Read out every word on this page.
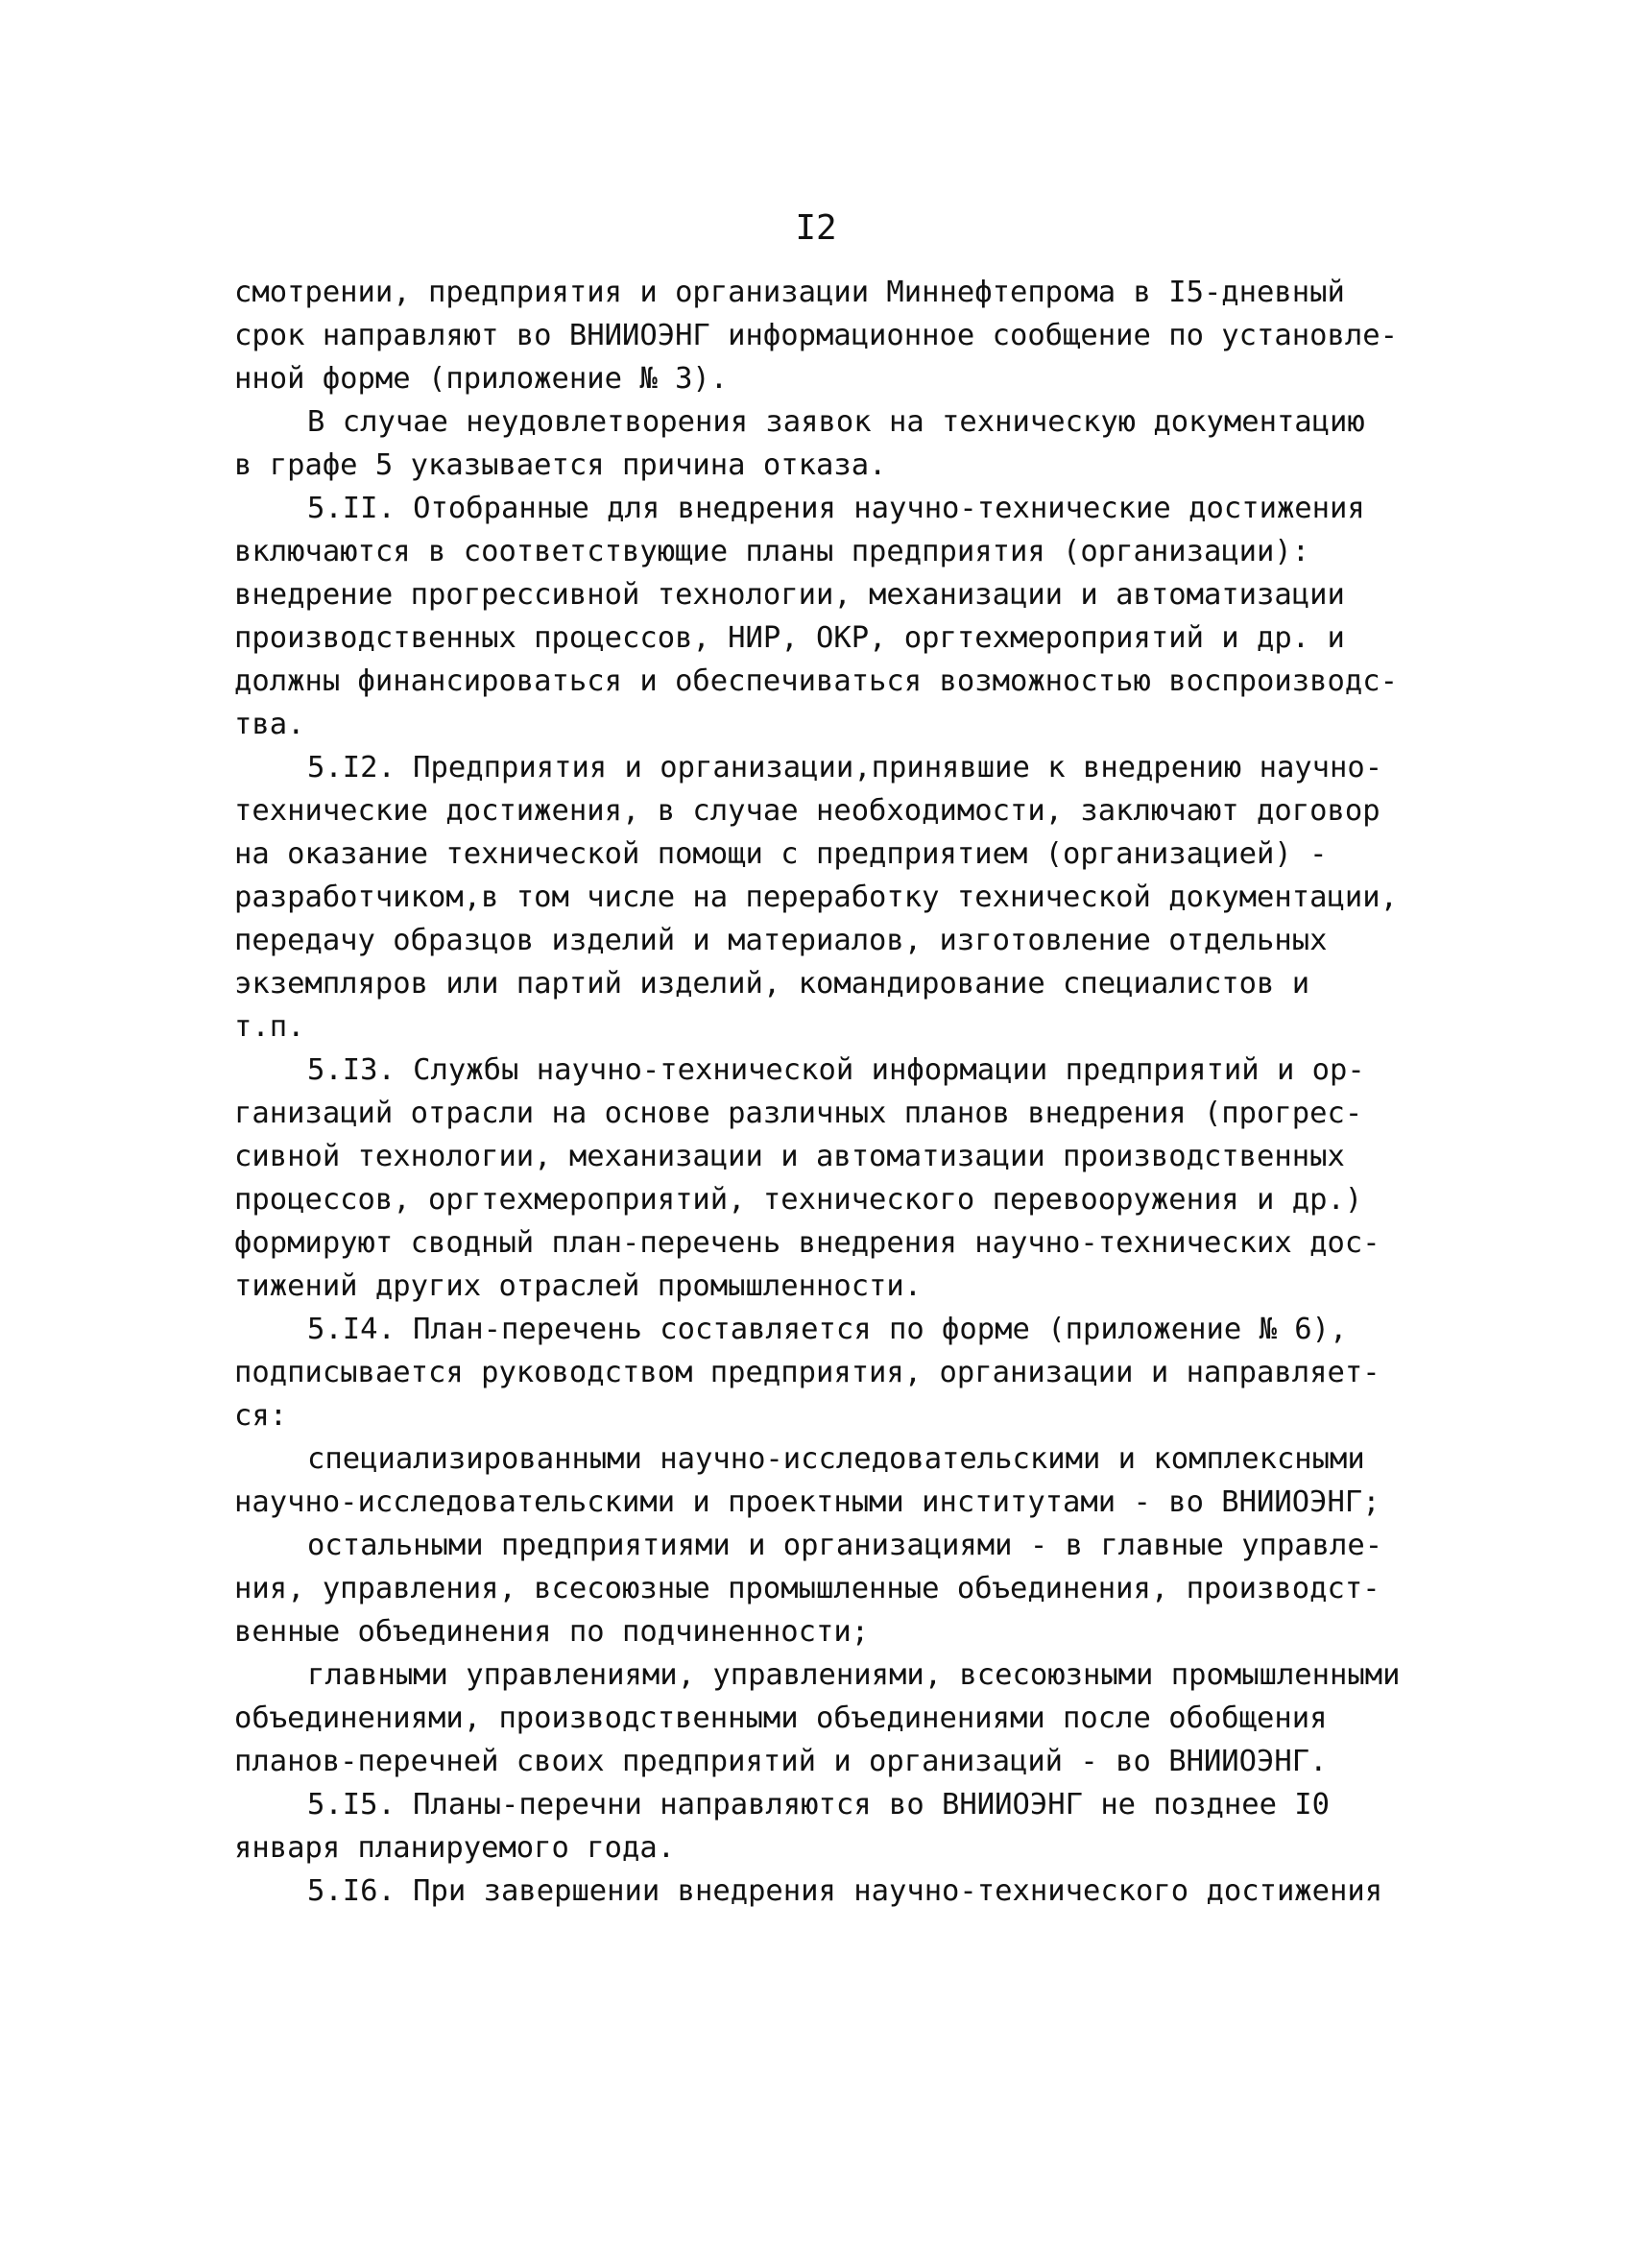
I2
смотрении, предприятия и организации Миннефтепрома в I5-дневный
срок направляют во ВНИИОЭНГ информационное сообщение по установле-
нной форме (приложение № 3).
В случае неудовлетворения заявок на техническую документацию
в графе 5 указывается причина отказа.
5.II. Отобранные для внедрения научно-технические достижения
включаются в соответствующие планы предприятия (организации):
внедрение прогрессивной технологии, механизации и автоматизации
производственных процессов, НИР, ОКР, оргтехмероприятий и др. и
должны финансироваться и обеспечиваться возможностью воспроизводс-
тва.
5.I2. Предприятия и организации,принявшие к внедрению научно-
технические достижения, в случае необходимости, заключают договор
на оказание технической помощи с предприятием (организацией) -
разработчиком,в том числе на переработку технической документации,
передачу образцов изделий и материалов, изготовление отдельных
экземпляров или партий изделий, командирование специалистов и
т.п.
5.I3. Службы научно-технической информации предприятий и ор-
ганизаций отрасли на основе различных планов внедрения (прогрес-
сивной технологии, механизации и автоматизации производственных
процессов, оргтехмероприятий, технического перевооружения и др.)
формируют сводный план-перечень внедрения научно-технических дос-
тижений других отраслей промышленности.
5.I4. План-перечень составляется по форме (приложение № 6),
подписывается руководством предприятия, организации и направляет-
ся:
специализированными научно-исследовательскими и комплексными
научно-исследовательскими и проектными институтами - во ВНИИОЭНГ;
остальными предприятиями и организациями - в главные управле-
ния, управления, всесоюзные промышленные объединения, производст-
венные объединения по подчиненности;
главными управлениями, управлениями, всесоюзными промышленными
объединениями, производственными объединениями после обобщения
планов-перечней своих предприятий и организаций - во ВНИИОЭНГ.
5.I5. Планы-перечни направляются во ВНИИОЭНГ не позднее I0
января планируемого года.
5.I6. При завершении внедрения научно-технического достижения
